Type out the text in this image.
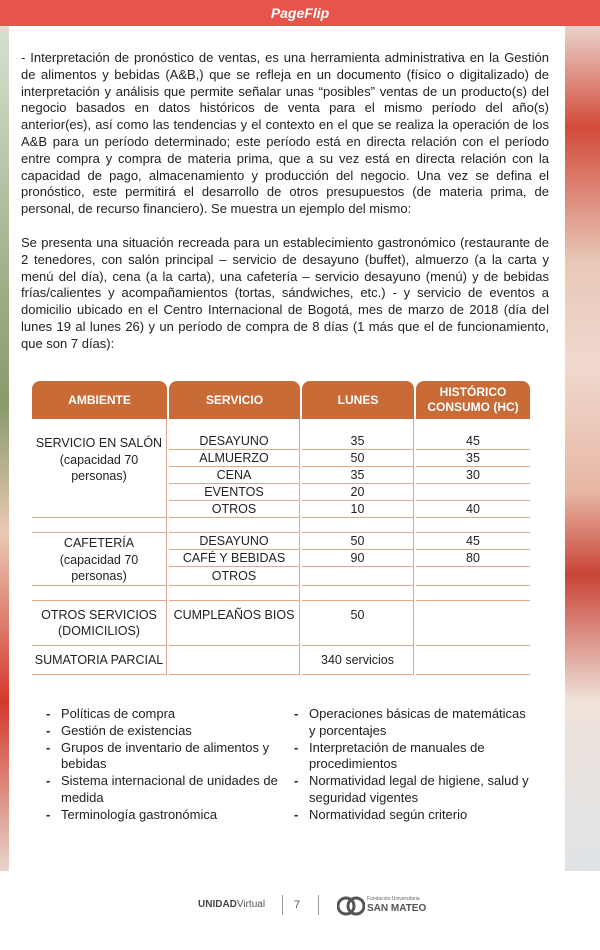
PageFlip

- Interpretación de pronóstico de ventas, es una herramienta administrativa en la Gestión de alimentos y bebidas (A&B,) que se refleja en un documento (físico o digitalizado) de interpretación y análisis que permite señalar unas “posibles” ventas de un producto(s) del negocio basados en datos históricos de venta para el mismo período del año(s) anterior(es), así como las tendencias y el contexto en el que se realiza la operación de los A&B para un período determinado; este período está en directa relación con el período entre compra y compra de materia prima, que a su vez está en directa relación con la capacidad de pago, almacenamiento y producción del negocio. Una vez se defina el pronóstico, este permitirá el desarrollo de otros presupuestos (de materia prima, de personal, de recurso financiero). Se muestra un ejemplo del mismo:

Se presenta una situación recreada para un establecimiento gastronómico (restaurante de 2 tenedores, con salón principal – servicio de desayuno (buffet), almuerzo (a la carta y menú del día), cena (a la carta), una cafetería – servicio desayuno (menú) y de bebidas frías/calientes y acompañamientos (tortas, sándwiches, etc.) - y servicio de eventos a domicilio ubicado en el Centro Internacional de Bogotá, mes de marzo de 2018 (día del lunes 19 al lunes 26) y un período de compra de 8 días (1 más que el de funcionamiento, que son 7 días):

AMBIENTE	SERVICIO	LUNES	HISTÓRICO CONSUMO (HC)

SERVICIO EN SALÓN (capacidad 70 personas)	DESAYUNO	35	45
	ALMUERZO	50	35
	CENA	35	30
	EVENTOS	20	
	OTROS	10	40

CAFETERÍA (capacidad 70 personas)	DESAYUNO	50	45
	CAFÉ Y BEBIDAS	90	80
	OTROS		

OTROS SERVICIOS (DOMICILIOS)	CUMPLEAÑOS BIOS	50	
SUMATORIA PARCIAL		340 servicios	
- Políticas de compra
- Gestión de existencias
- Grupos de inventario de alimentos y bebidas
- Sistema internacional de unidades de medida
- Terminología gastronómica
- Operaciones básicas de matemáticas y porcentajes
- Interpretación de manuales de procedimientos
- Normatividad legal de higiene, salud y seguridad vigentes
- Normatividad según criterio
UNIDADVirtual	7	Fundación Universitaria
SAN MATEO
